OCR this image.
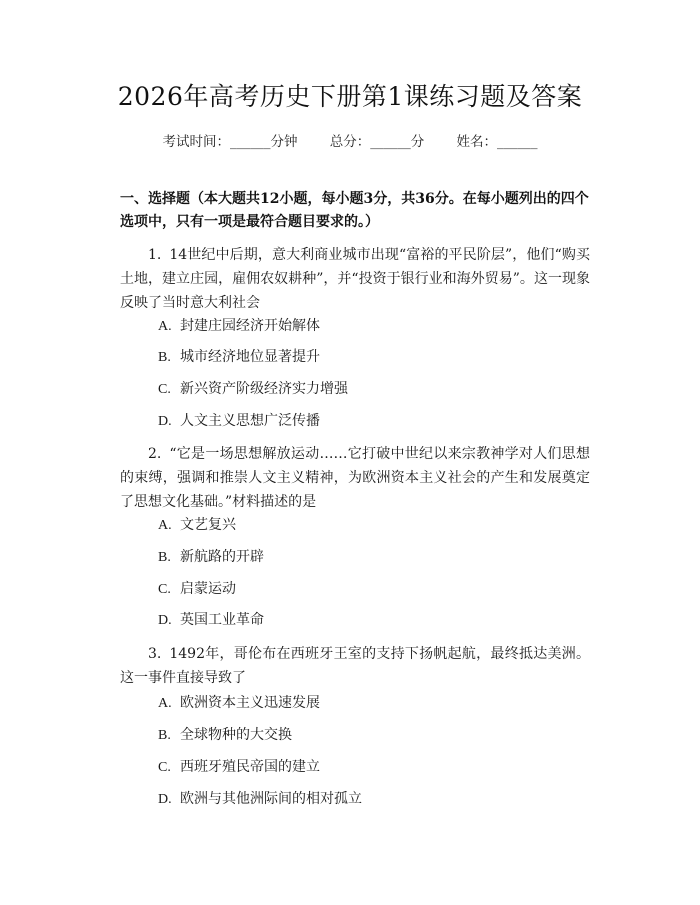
2026年高考历史下册第1课练习题及答案
考试时间：______分钟 总分：______分 姓名：______
一、选择题（本大题共12小题，每小题3分，共36分。在每小题列出的四个选项中，只有一项是最符合题目要求的。）
1. 14世纪中后期，意大利商业城市出现“富裕的平民阶层”，他们“购买土地，建立庄园，雇佣农奴耕种”，并“投资于银行业和海外贸易”。这一现象反映了当时意大利社会
A. 封建庄园经济开始解体
B. 城市经济地位显著提升
C. 新兴资产阶级经济实力增强
D. 人文主义思想广泛传播
2. “它是一场思想解放运动……它打破中世纪以来宗教神学对人们思想的束缚，强调和推崇人文主义精神，为欧洲资本主义社会的产生和发展奠定了思想文化基础。”材料描述的是
A. 文艺复兴
B. 新航路的开辟
C. 启蒙运动
D. 英国工业革命
3. 1492年，哥伦布在西班牙王室的支持下扬帆起航，最终抵达美洲。这一事件直接导致了
A. 欧洲资本主义迅速发展
B. 全球物种的大交换
C. 西班牙殖民帝国的建立
D. 欧洲与其他洲际间的相对孤立
